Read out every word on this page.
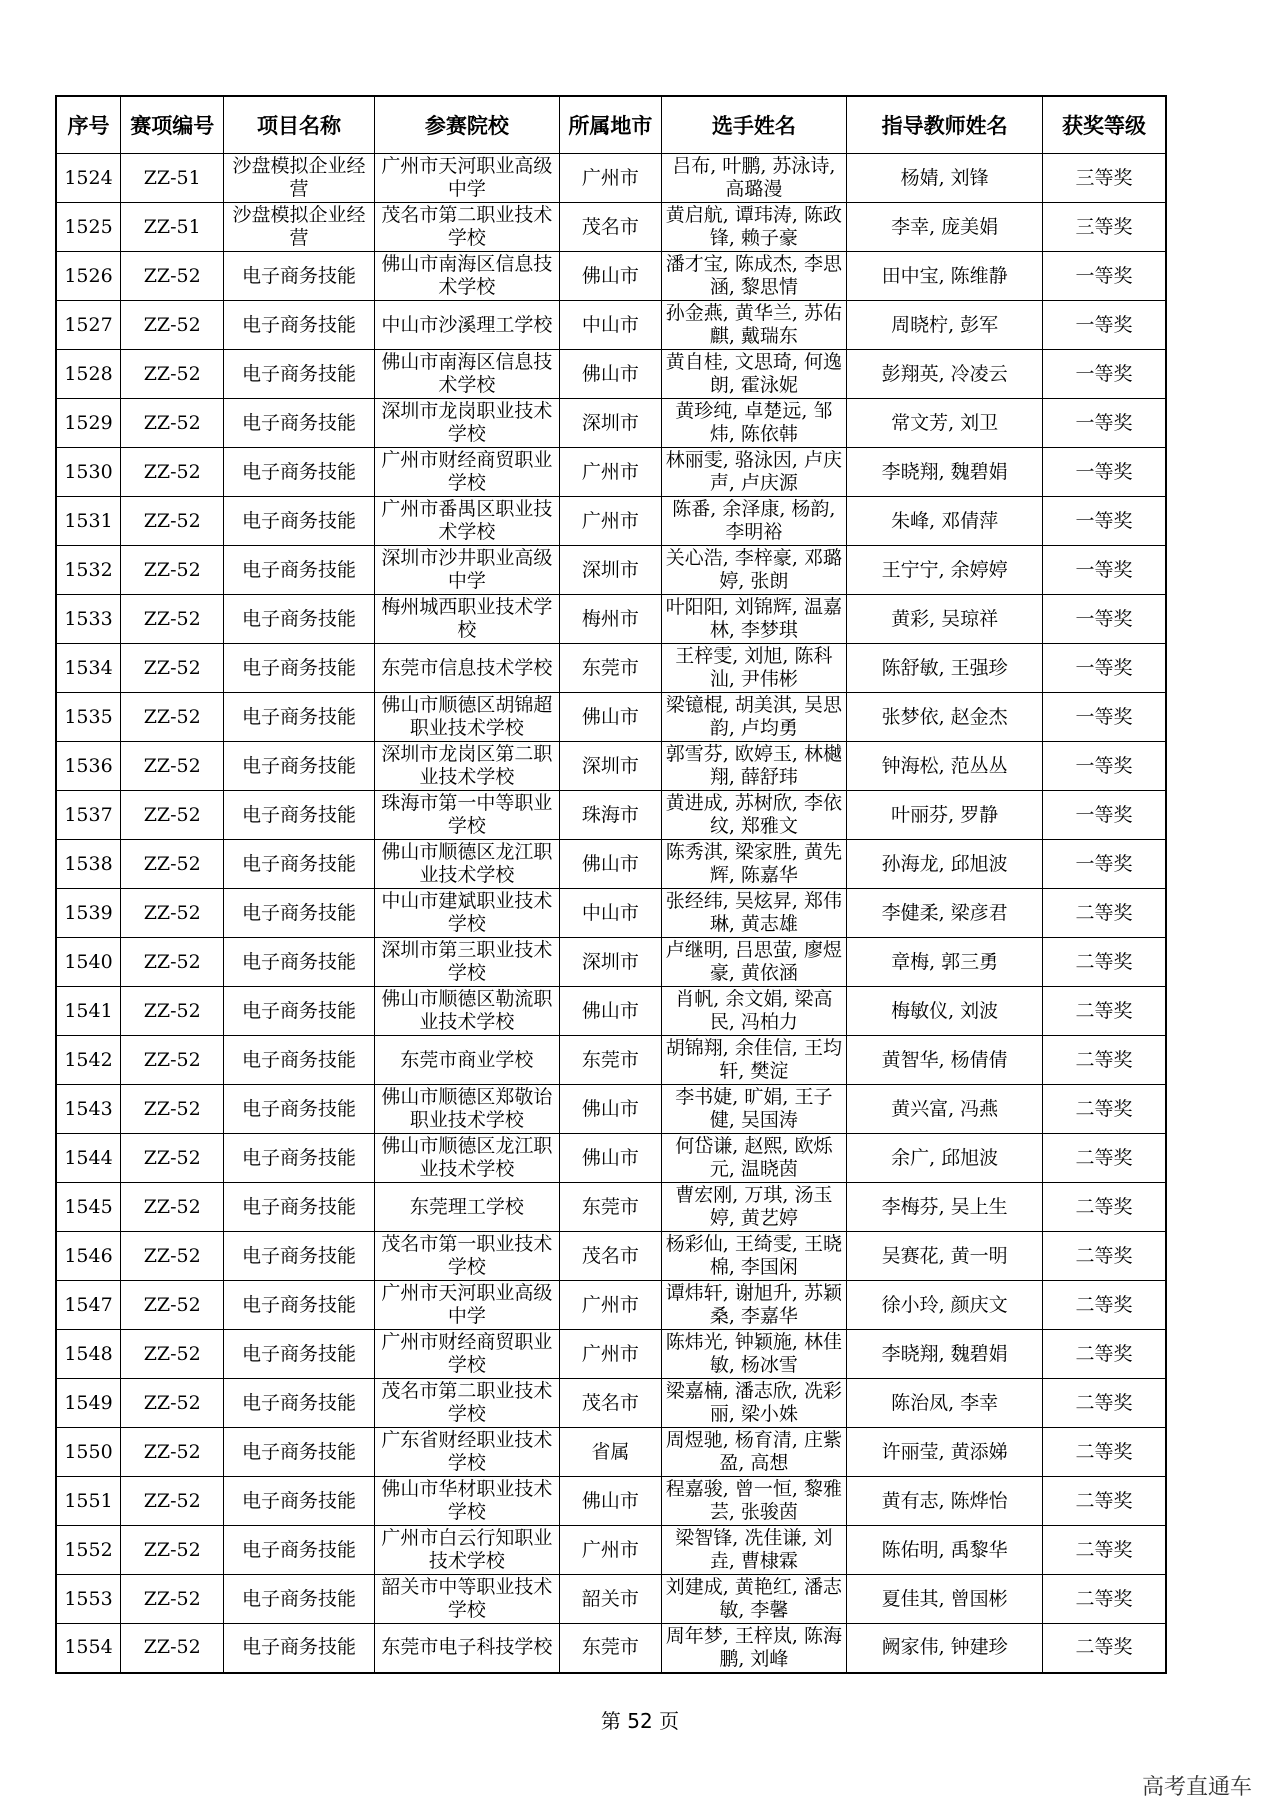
序号	赛项编号	项目名称	参赛院校	所属地市	选手姓名	指导教师姓名	获奖等级

1524	ZZ-51	沙盘模拟企业经营	广州市天河职业高级中学	广州市	吕布, 叶鹏, 苏泳诗, 高璐漫	杨婧, 刘锋	三等奖

1525	ZZ-51	沙盘模拟企业经营	茂名市第二职业技术学校	茂名市	黄启航, 谭玮涛, 陈政锋, 赖子豪	李幸, 庞美娟	三等奖

1526	ZZ-52	电子商务技能	佛山市南海区信息技术学校	佛山市	潘才宝, 陈成杰, 李思涵, 黎思情	田中宝, 陈维静	一等奖

1527	ZZ-52	电子商务技能	中山市沙溪理工学校	中山市	孙金燕, 黄华兰, 苏佑麒, 戴瑞东	周晓柠, 彭军	一等奖

1528	ZZ-52	电子商务技能	佛山市南海区信息技术学校	佛山市	黄自桂, 文思琦, 何逸朗, 霍泳妮	彭翔英, 冷凌云	一等奖

1529	ZZ-52	电子商务技能	深圳市龙岗职业技术学校	深圳市	黄珍纯, 卓楚远, 邹炜, 陈依韩	常文芳, 刘卫	一等奖

1530	ZZ-52	电子商务技能	广州市财经商贸职业学校	广州市	林丽雯, 骆泳因, 卢庆声, 卢庆源	李晓翔, 魏碧娟	一等奖

1531	ZZ-52	电子商务技能	广州市番禺区职业技术学校	广州市	陈番, 余泽康, 杨韵, 李明裕	朱峰, 邓倩萍	一等奖

1532	ZZ-52	电子商务技能	深圳市沙井职业高级中学	深圳市	关心浩, 李梓豪, 邓璐婷, 张朗	王宁宁, 余婷婷	一等奖

1533	ZZ-52	电子商务技能	梅州城西职业技术学校	梅州市	叶阳阳, 刘锦辉, 温嘉林, 李梦琪	黄彩, 吴琼祥	一等奖

1534	ZZ-52	电子商务技能	东莞市信息技术学校	东莞市	王梓雯, 刘旭, 陈科汕, 尹伟彬	陈舒敏, 王强珍	一等奖

1535	ZZ-52	电子商务技能	佛山市顺德区胡锦超职业技术学校	佛山市	梁镱棍, 胡美淇, 吴思韵, 卢均勇	张梦依, 赵金杰	一等奖

1536	ZZ-52	电子商务技能	深圳市龙岗区第二职业技术学校	深圳市	郭雪芬, 欧婷玉, 林樾翔, 薛舒玮	钟海松, 范丛丛	一等奖

1537	ZZ-52	电子商务技能	珠海市第一中等职业学校	珠海市	黄进成, 苏树欣, 李依纹, 郑雅文	叶丽芬, 罗静	一等奖

1538	ZZ-52	电子商务技能	佛山市顺德区龙江职业技术学校	佛山市	陈秀淇, 梁家胜, 黄先辉, 陈嘉华	孙海龙, 邱旭波	一等奖

1539	ZZ-52	电子商务技能	中山市建斌职业技术学校	中山市	张经纬, 吴炫昇, 郑伟琳, 黄志雄	李健柔, 梁彦君	二等奖

1540	ZZ-52	电子商务技能	深圳市第三职业技术学校	深圳市	卢继明, 吕思萤, 廖煜豪, 黄依涵	章梅, 郭三勇	二等奖

1541	ZZ-52	电子商务技能	佛山市顺德区勒流职业技术学校	佛山市	肖帆, 余文娟, 梁高民, 冯柏力	梅敏仪, 刘波	二等奖

1542	ZZ-52	电子商务技能	东莞市商业学校	东莞市	胡锦翔, 余佳信, 王均轩, 樊淀	黄智华, 杨倩倩	二等奖

1543	ZZ-52	电子商务技能	佛山市顺德区郑敬诒职业技术学校	佛山市	李书婕, 旷娟, 王子健, 吴国涛	黄兴富, 冯燕	二等奖

1544	ZZ-52	电子商务技能	佛山市顺德区龙江职业技术学校	佛山市	何岱谦, 赵熙, 欧烁元, 温晓茵	余广, 邱旭波	二等奖

1545	ZZ-52	电子商务技能	东莞理工学校	东莞市	曹宏刚, 万琪, 汤玉婷, 黄艺婷	李梅芬, 吴上生	二等奖

1546	ZZ-52	电子商务技能	茂名市第一职业技术学校	茂名市	杨彩仙, 王绮雯, 王晓棉, 李国闲	吴赛花, 黄一明	二等奖

1547	ZZ-52	电子商务技能	广州市天河职业高级中学	广州市	谭炜轩, 谢旭升, 苏颖桑, 李嘉华	徐小玲, 颜庆文	二等奖

1548	ZZ-52	电子商务技能	广州市财经商贸职业学校	广州市	陈炜光, 钟颖施, 林佳敏, 杨冰雪	李晓翔, 魏碧娟	二等奖

1549	ZZ-52	电子商务技能	茂名市第二职业技术学校	茂名市	梁嘉楠, 潘志欣, 冼彩丽, 梁小姝	陈治凤, 李幸	二等奖

1550	ZZ-52	电子商务技能	广东省财经职业技术学校	省属	周煜驰, 杨育清, 庄紫盈, 高想	许丽莹, 黄添娣	二等奖

1551	ZZ-52	电子商务技能	佛山市华材职业技术学校	佛山市	程嘉骏, 曾一恒, 黎雅芸, 张骏茵	黄有志, 陈烨怡	二等奖

1552	ZZ-52	电子商务技能	广州市白云行知职业技术学校	广州市	梁智锋, 冼佳谦, 刘垚, 曹棣霖	陈佑明, 禹黎华	二等奖

1553	ZZ-52	电子商务技能	韶关市中等职业技术学校	韶关市	刘建成, 黄艳红, 潘志敏, 李馨	夏佳其, 曾国彬	二等奖

1554	ZZ-52	电子商务技能	东莞市电子科技学校	东莞市	周年梦, 王梓岚, 陈海鹏, 刘峰	阙家伟, 钟建珍	二等奖
第 52 页
高考直通车
